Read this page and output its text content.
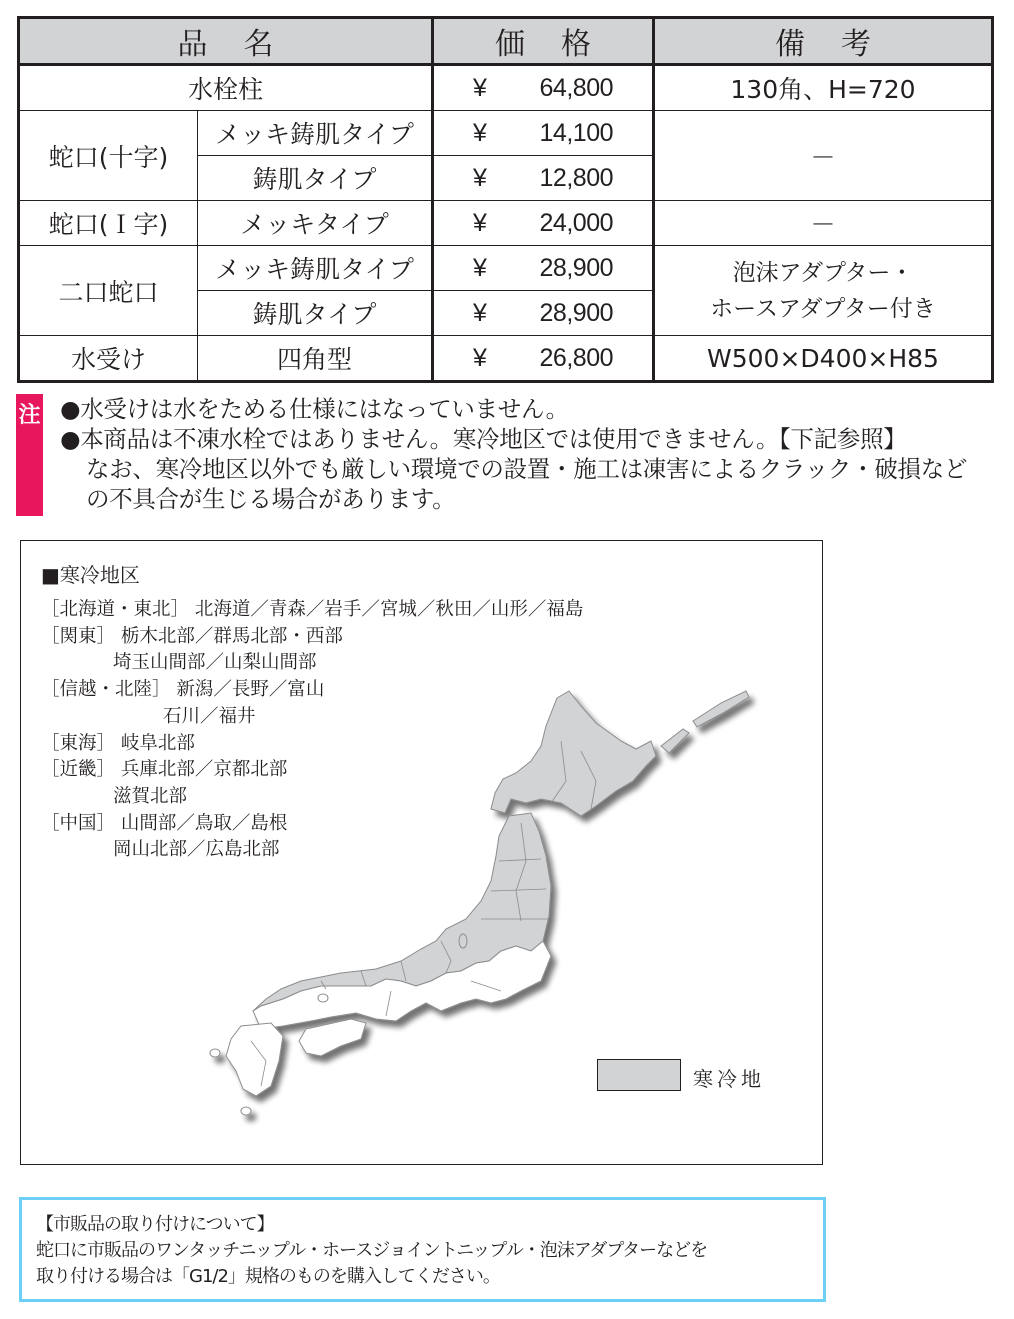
品 名		価 格	備 考
水栓柱		¥ 64,800	130角、H=720
蛇口(十字)	メッキ鋳肌タイプ	¥ 14,100	－
	鋳肌タイプ	¥ 12,800	
蛇口(Ｉ字)	メッキタイプ	¥ 24,000	－
二口蛇口	メッキ鋳肌タイプ	¥ 28,900	泡沫アダプター・
ホースアダプター付き

	鋳肌タイプ	¥ 28,900	
水受け	四角型	¥ 26,800	W500×D400×H85
注 ●水受けは水をためる仕様にはなっていません。
●本商品は不凍水栓ではありません。寒冷地区では使用できません。【下記参照】
なお、寒冷地区以外でも厳しい環境での設置・施工は凍害によるクラック・破損など
の不具合が生じる場合があります。
■寒冷地区
［北海道・東北］ 北海道／青森／岩手／宮城／秋田／山形／福島
［関東］ 栃木北部／群馬北部・西部
埼玉山間部／山梨山間部
［信越・北陸］ 新潟／長野／富山
石川／福井
［東海］ 岐阜北部
［近畿］ 兵庫北部／京都北部
滋賀北部
［中国］ 山間部／鳥取／島根
岡山北部／広島北部
寒冷地
【市販品の取り付けについて】
蛇口に市販品のワンタッチニップル・ホースジョイントニップル・泡沫アダプターなどを
取り付ける場合は「G1/2」規格のものを購入してください。
